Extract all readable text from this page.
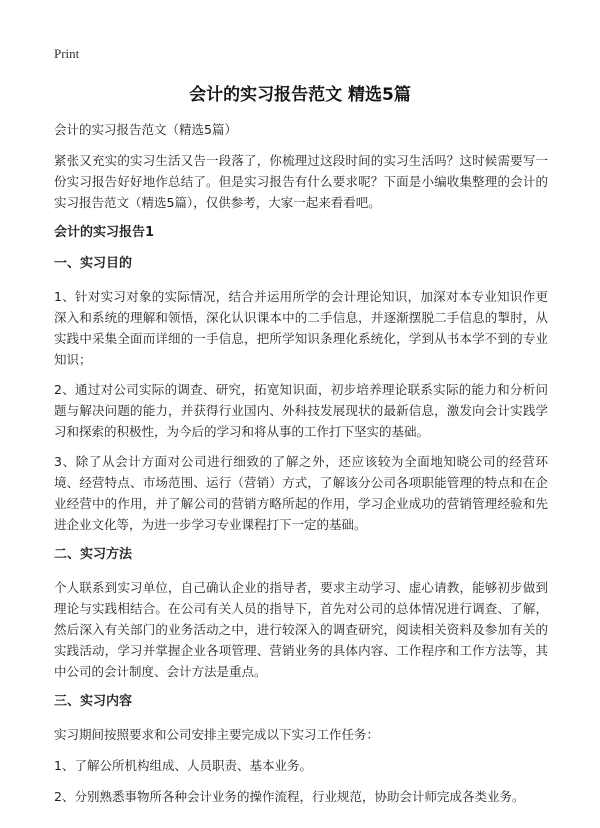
Print
会计的实习报告范文 精选5篇

会计的实习报告范文（精选5篇）

紧张又充实的实习生活又告一段落了，你梳理过这段时间的实习生活吗？这时候需要写一份实习报告好好地作总结了。但是实习报告有什么要求呢？下面是小编收集整理的会计的实习报告范文（精选5篇），仅供参考，大家一起来看看吧。

会计的实习报告1

一、实习目的

1、针对实习对象的实际情况，结合并运用所学的会计理论知识，加深对本专业知识作更深入和系统的理解和领悟，深化认识课本中的二手信息，并逐渐摆脱二手信息的掣肘，从实践中采集全面而详细的一手信息，把所学知识条理化系统化，学到从书本学不到的专业知识；

2、通过对公司实际的调查、研究，拓宽知识面，初步培养理论联系实际的能力和分析问题与解决问题的能力，并获得行业国内、外科技发展现状的最新信息，激发向会计实践学习和探索的积极性，为今后的学习和将从事的工作打下坚实的基础。

3、除了从会计方面对公司进行细致的了解之外，还应该较为全面地知晓公司的经营环境、经营特点、市场范围、运行（营销）方式，了解该分公司各项职能管理的特点和在企业经营中的作用，并了解公司的营销方略所起的作用，学习企业成功的营销管理经验和先进企业文化等，为进一步学习专业课程打下一定的基础。

二、实习方法

个人联系到实习单位，自己确认企业的指导者，要求主动学习、虚心请教，能够初步做到理论与实践相结合。在公司有关人员的指导下，首先对公司的总体情况进行调查、了解，然后深入有关部门的业务活动之中，进行较深入的调查研究，阅读相关资料及参加有关的实践活动，学习并掌握企业各项管理、营销业务的具体内容、工作程序和工作方法等，其中公司的会计制度、会计方法是重点。

三、实习内容

实习期间按照要求和公司安排主要完成以下实习工作任务：

1、了解公所机构组成、人员职责、基本业务。

2、分别熟悉事物所各种会计业务的操作流程，行业规范，协助会计师完成各类业务。
